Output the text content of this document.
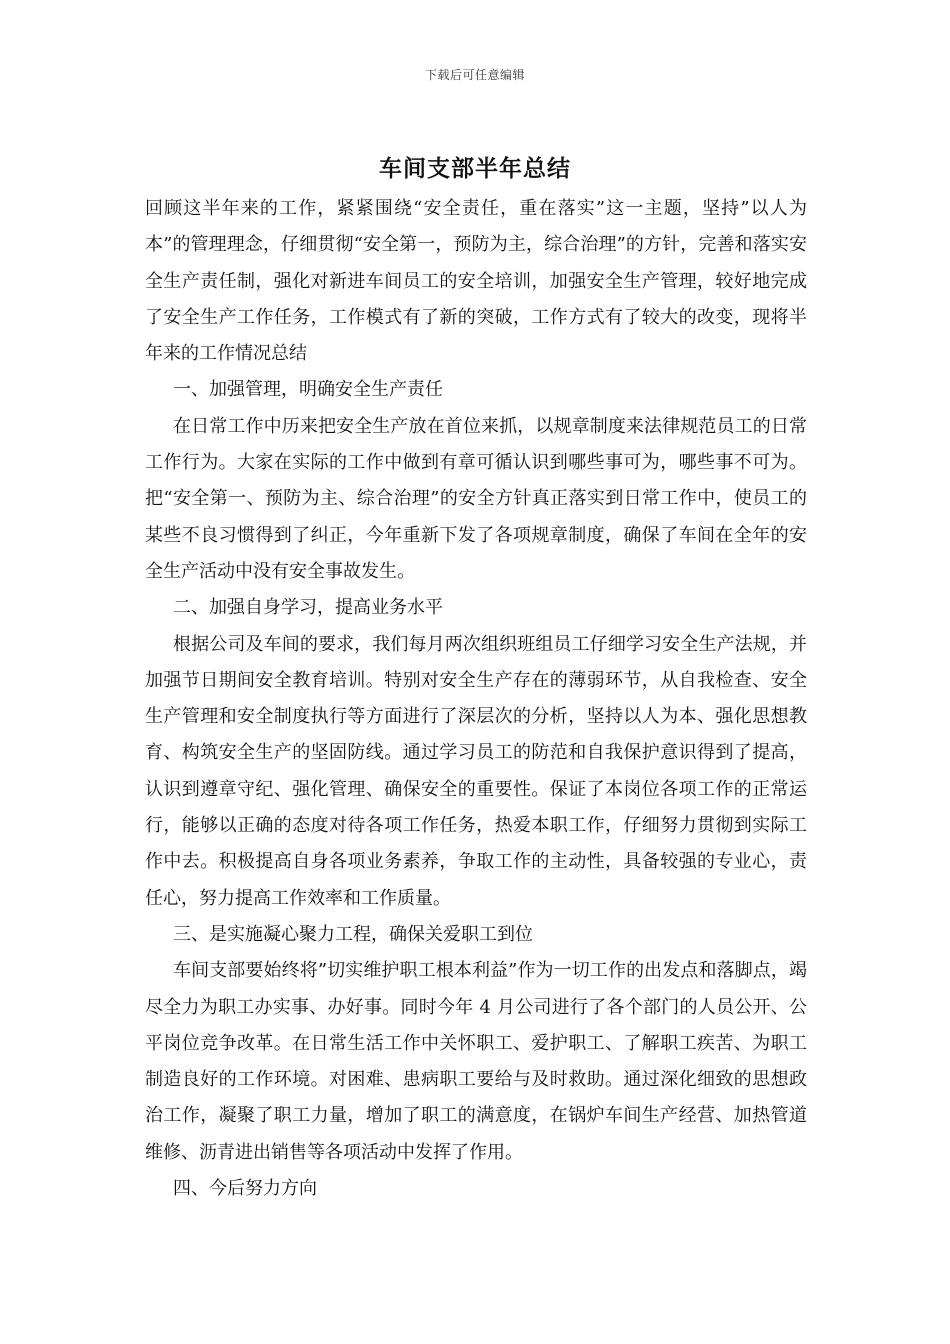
下载后可任意编辑
车间支部半年总结

回顾这半年来的工作，紧紧围绕“安全责任，重在落实”这一主题，坚持”以人为本”的管理理念，仔细贯彻“安全第一，预防为主，综合治理”的方针，完善和落实安全生产责任制，强化对新进车间员工的安全培训，加强安全生产管理，较好地完成了安全生产工作任务，工作模式有了新的突破，工作方式有了较大的改变，现将半年来的工作情况总结

一、加强管理，明确安全生产责任

在日常工作中历来把安全生产放在首位来抓，以规章制度来法律规范员工的日常工作行为。大家在实际的工作中做到有章可循认识到哪些事可为，哪些事不可为。把“安全第一、预防为主、综合治理”的安全方针真正落实到日常工作中，使员工的某些不良习惯得到了纠正，今年重新下发了各项规章制度，确保了车间在全年的安全生产活动中没有安全事故发生。

二、加强自身学习，提高业务水平

根据公司及车间的要求，我们每月两次组织班组员工仔细学习安全生产法规，并加强节日期间安全教育培训。特别对安全生产存在的薄弱环节，从自我检查、安全生产管理和安全制度执行等方面进行了深层次的分析，坚持以人为本、强化思想教育、构筑安全生产的坚固防线。通过学习员工的防范和自我保护意识得到了提高，认识到遵章守纪、强化管理、确保安全的重要性。保证了本岗位各项工作的正常运行，能够以正确的态度对待各项工作任务，热爱本职工作，仔细努力贯彻到实际工作中去。积极提高自身各项业务素养，争取工作的主动性，具备较强的专业心，责任心，努力提高工作效率和工作质量。

三、是实施凝心聚力工程，确保关爱职工到位

车间支部要始终将”切实维护职工根本利益”作为一切工作的出发点和落脚点，竭尽全力为职工办实事、办好事。同时今年 4 月公司进行了各个部门的人员公开、公平岗位竞争改革。在日常生活工作中关怀职工、爱护职工、了解职工疾苦、为职工制造良好的工作环境。对困难、患病职工要给与及时救助。通过深化细致的思想政治工作，凝聚了职工力量，增加了职工的满意度，在锅炉车间生产经营、加热管道维修、沥青进出销售等各项活动中发挥了作用。

四、今后努力方向
